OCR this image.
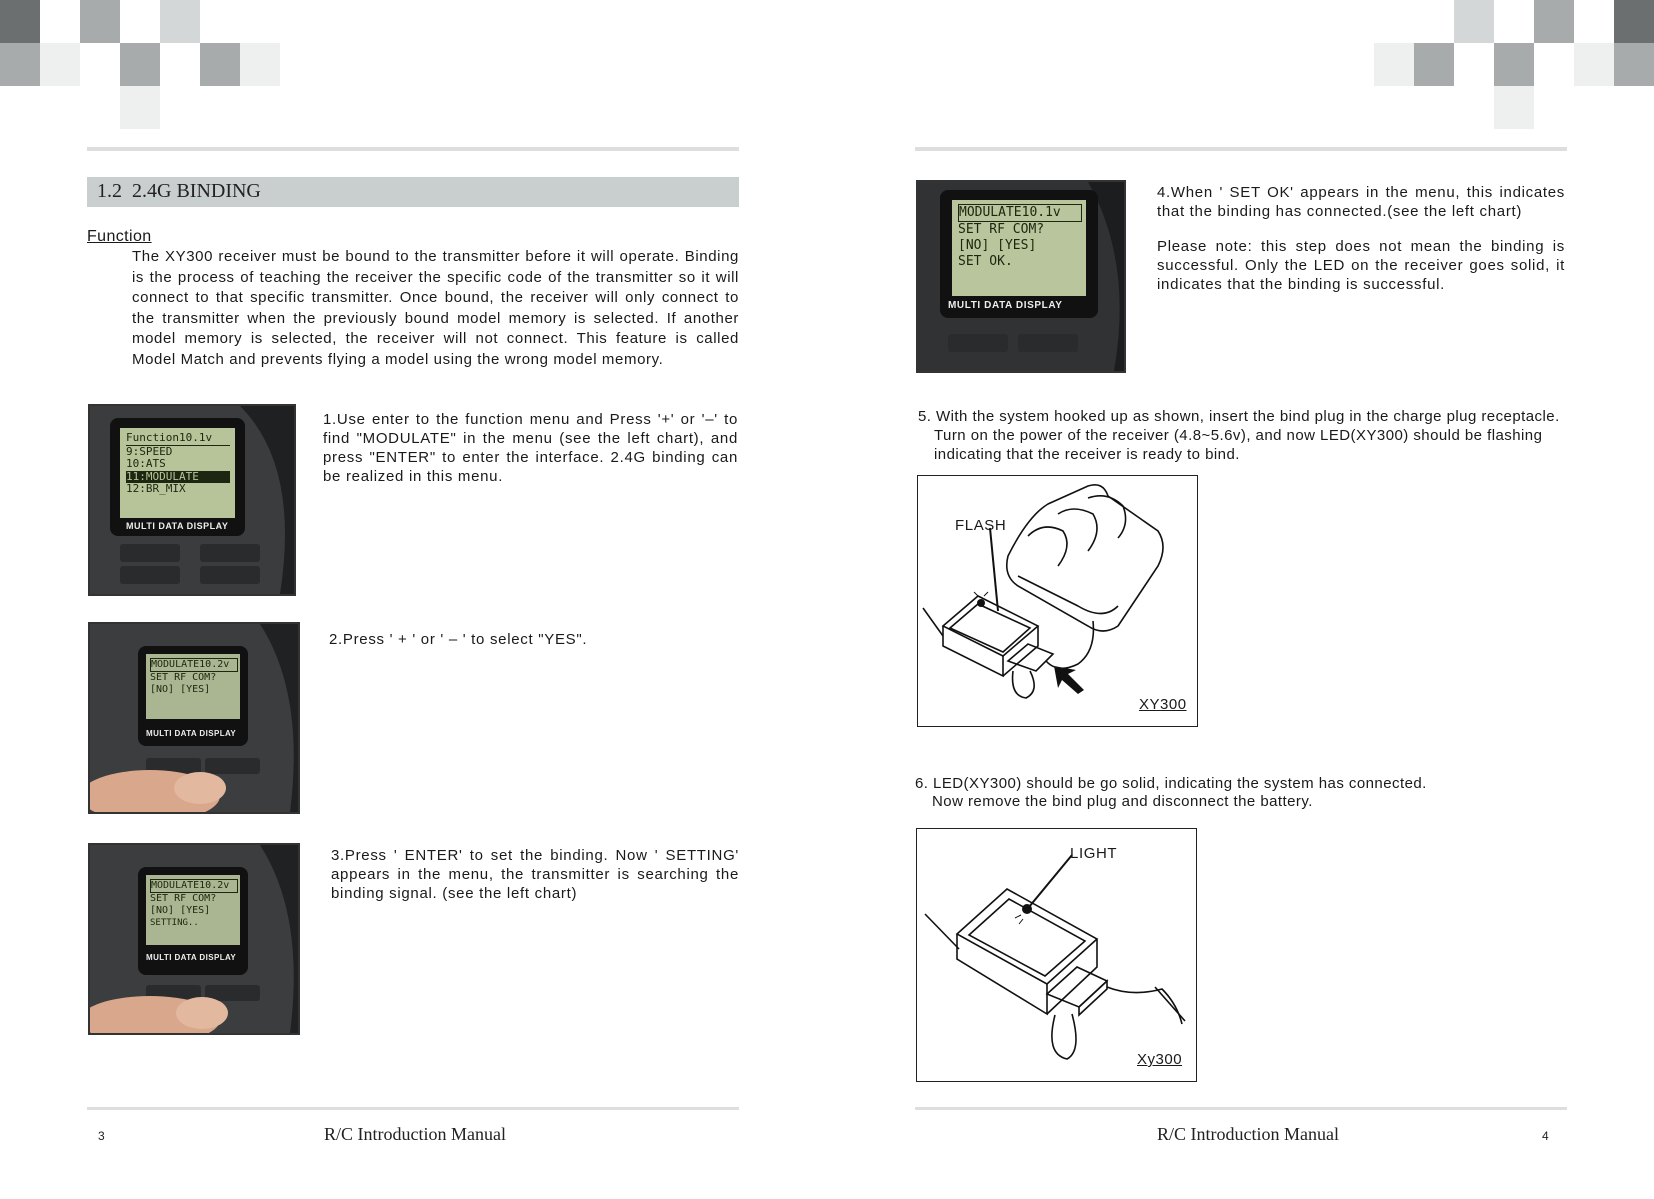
1.2 2.4G BINDING
Function
The XY300 receiver must be bound to the transmitter before it will operate. Binding is the process of teaching the receiver the specific code of the transmitter so it will connect to that specific transmitter. Once bound, the receiver will only connect to the transmitter when the previously bound model memory is selected. If another model memory is selected, the receiver will not connect. This feature is called Model Match and prevents flying a model using the wrong model memory.
Function10.1v
9:SPEED
10:ATS
11:MODULATE
12:BR_MIX
MULTI DATA DISPLAY
1.Use enter to the function menu and Press '+' or '–' to find "MODULATE" in the menu (see the left chart), and press "ENTER" to enter the interface. 2.4G binding can be realized in this menu.
MODULATE10.2v
SET RF COM?
[NO] [YES]
MULTI DATA DISPLAY
2.Press ' + ' or ' – ' to select "YES".
MODULATE10.2v
SET RF COM?
[NO] [YES]
SETTING..
MULTI DATA DISPLAY
3.Press ' ENTER' to set the binding. Now ' SETTING' appears in the menu, the transmitter is searching the binding signal. (see the left chart)
3	R/C Introduction Manual
MODULATE10.1v
SET RF COM?
[NO] [YES]
SET OK.
MULTI DATA DISPLAY
4.When ' SET OK' appears in the menu, this indicates that the binding has connected.(see the left chart)
Please note: this step does not mean the binding is successful. Only the LED on the receiver goes solid, it indicates that the binding is successful.
5. With the system hooked up as shown, insert the bind plug in the charge plug receptacle.
Turn on the power of the receiver (4.8~5.6v), and now LED(XY300) should be flashing
indicating that the receiver is ready to bind.
FLASH
XY300
6. LED(XY300) should be go solid, indicating the system has connected.
Now remove the bind plug and disconnect the battery.
LIGHT
Xy300
R/C Introduction Manual	4
